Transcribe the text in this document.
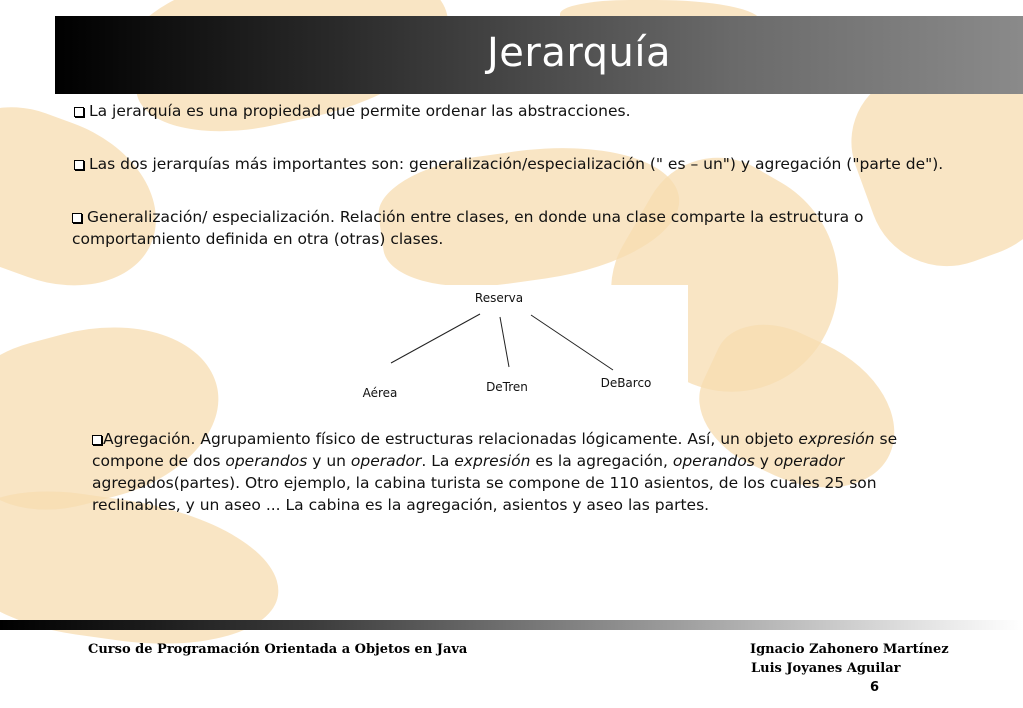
Jerarquía
La jerarquía es una propiedad que permite ordenar las abstracciones.
Las dos jerarquías más importantes son: generalización/especialización (" es – un") y agregación ("parte de").
Generalización/ especialización. Relación entre clases, en donde una clase comparte la estructura o comportamiento definida en otra (otras) clases.
Reserva
Aérea	DeTren	DeBarco
Agregación. Agrupamiento físico de estructuras relacionadas lógicamente. Así, un objeto expresión se compone de dos operandos y un operador. La expresión es la agregación, operandos y operador agregados(partes). Otro ejemplo, la cabina turista se compone de 110 asientos, de los cuales 25 son reclinables, y un aseo ... La cabina es la agregación, asientos y aseo las partes.
Curso de Programación Orientada a Objetos en Java	Ignacio Zahonero Martínez
Luis Joyanes Aguilar
6
